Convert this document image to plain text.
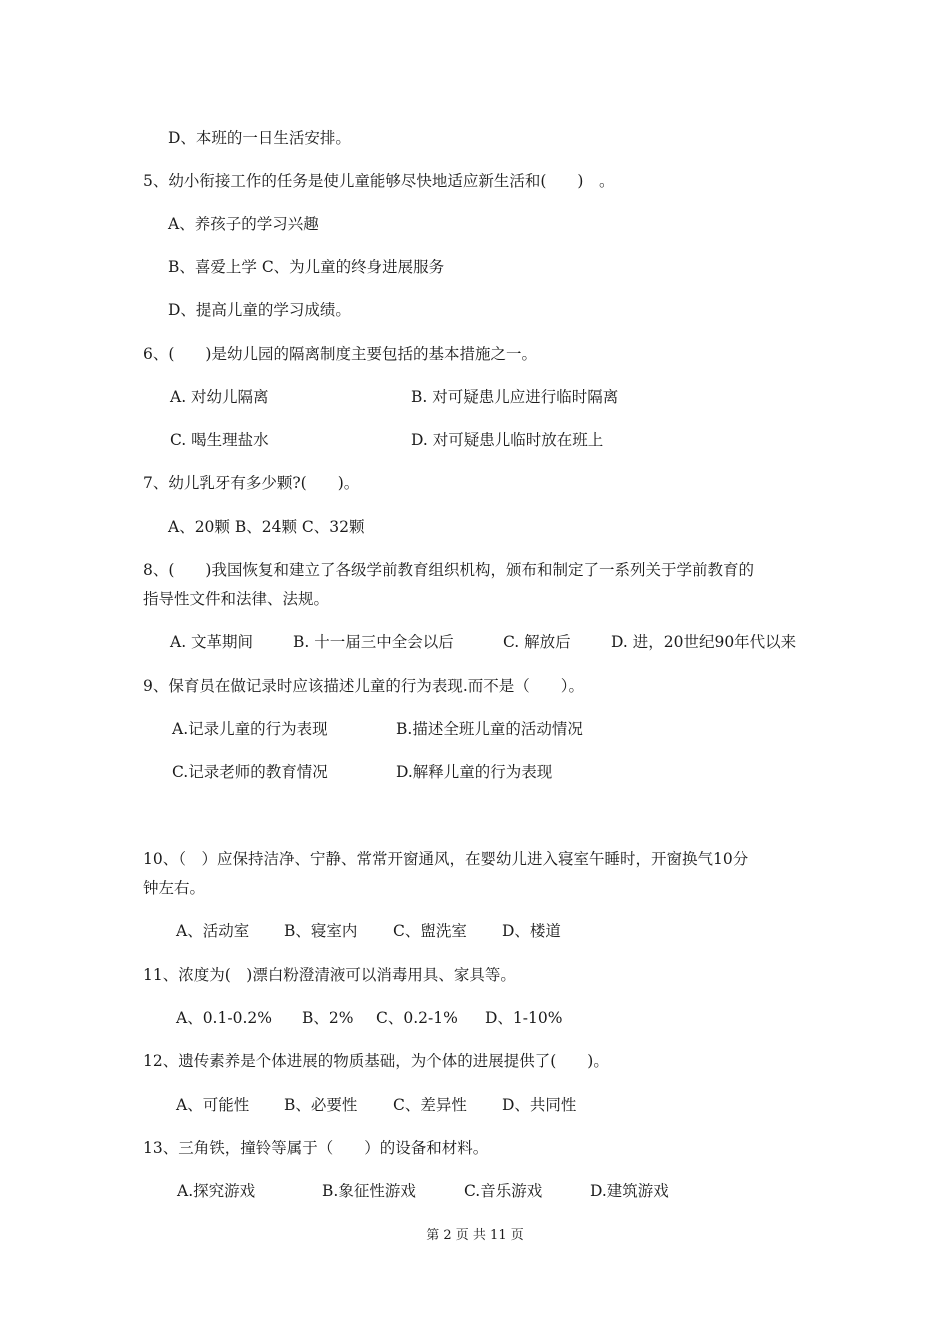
D、本班的一日生活安排。
5、幼小衔接工作的任务是使儿童能够尽快地适应新生活和(　　)　。
A、养孩子的学习兴趣
B、喜爱上学 C、为儿童的终身进展服务
D、提高儿童的学习成绩。
6、(　　)是幼儿园的隔离制度主要包括的基本措施之一。
A. 对幼儿隔离	B. 对可疑患儿应进行临时隔离
C. 喝生理盐水	D. 对可疑患儿临时放在班上
7、幼儿乳牙有多少颗?(　　)。
A、20颗 B、24颗 C、32颗
8、(　　)我国恢复和建立了各级学前教育组织机构，颁布和制定了一系列关于学前教育的
指导性文件和法律、法规。
A. 文革期间	B. 十一届三中全会以后	C. 解放后	D. 进，20世纪90年代以来
9、保育员在做记录时应该描述儿童的行为表现.而不是（　　）。
A.记录儿童的行为表现	B.描述全班儿童的活动情况
C.记录老师的教育情况	D.解释儿童的行为表现
10、（　）应保持洁净、宁静、常常开窗通风，在婴幼儿进入寝室午睡时，开窗换气10分
钟左右。
A、活动室 B、寝室内 C、盥洗室 D、楼道
11、浓度为(　)漂白粉澄清液可以消毒用具、家具等。
A、0.1-0.2% B、2% C、0.2-1% D、1-10%
12、遗传素养是个体进展的物质基础，为个体的进展提供了(　　)。
A、可能性 B、必要性 C、差异性 D、共同性
13、三角铁，撞铃等属于（　　）的设备和材料。
A.探究游戏	B.象征性游戏	C.音乐游戏	D.建筑游戏
第 2 页 共 11 页
